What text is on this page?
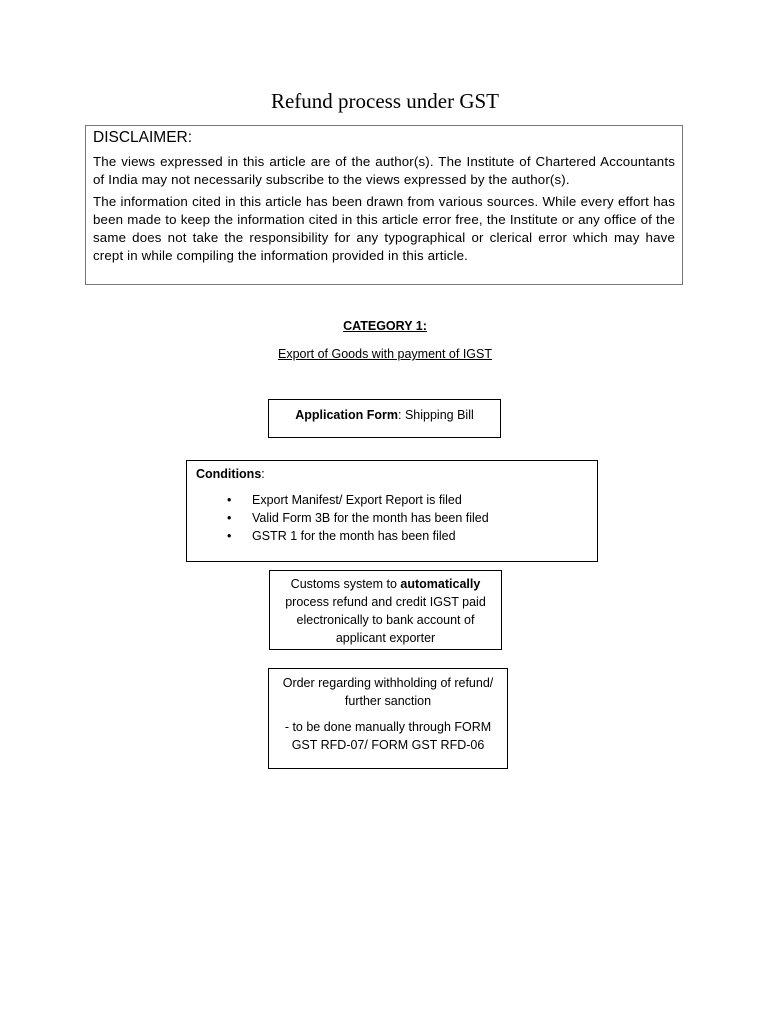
Refund process under GST
DISCLAIMER:

The views expressed in this article are of the author(s). The Institute of Chartered Accountants of India may not necessarily subscribe to the views expressed by the author(s).

The information cited in this article has been drawn from various sources. While every effort has been made to keep the information cited in this article error free, the Institute or any office of the same does not take the responsibility for any typographical or clerical error which may have crept in while compiling the information provided in this article.

CATEGORY 1:
Export of Goods with payment of IGST
Application Form: Shipping Bill
Conditions:
• Export Manifest/ Export Report is filed
• Valid Form 3B for the month has been filed
• GSTR 1 for the month has been filed
Customs system to automatically process refund and credit IGST paid electronically to bank account of applicant exporter

Order regarding withholding of refund/ further sanction

- to be done manually through FORM GST RFD-07/ FORM GST RFD-06
